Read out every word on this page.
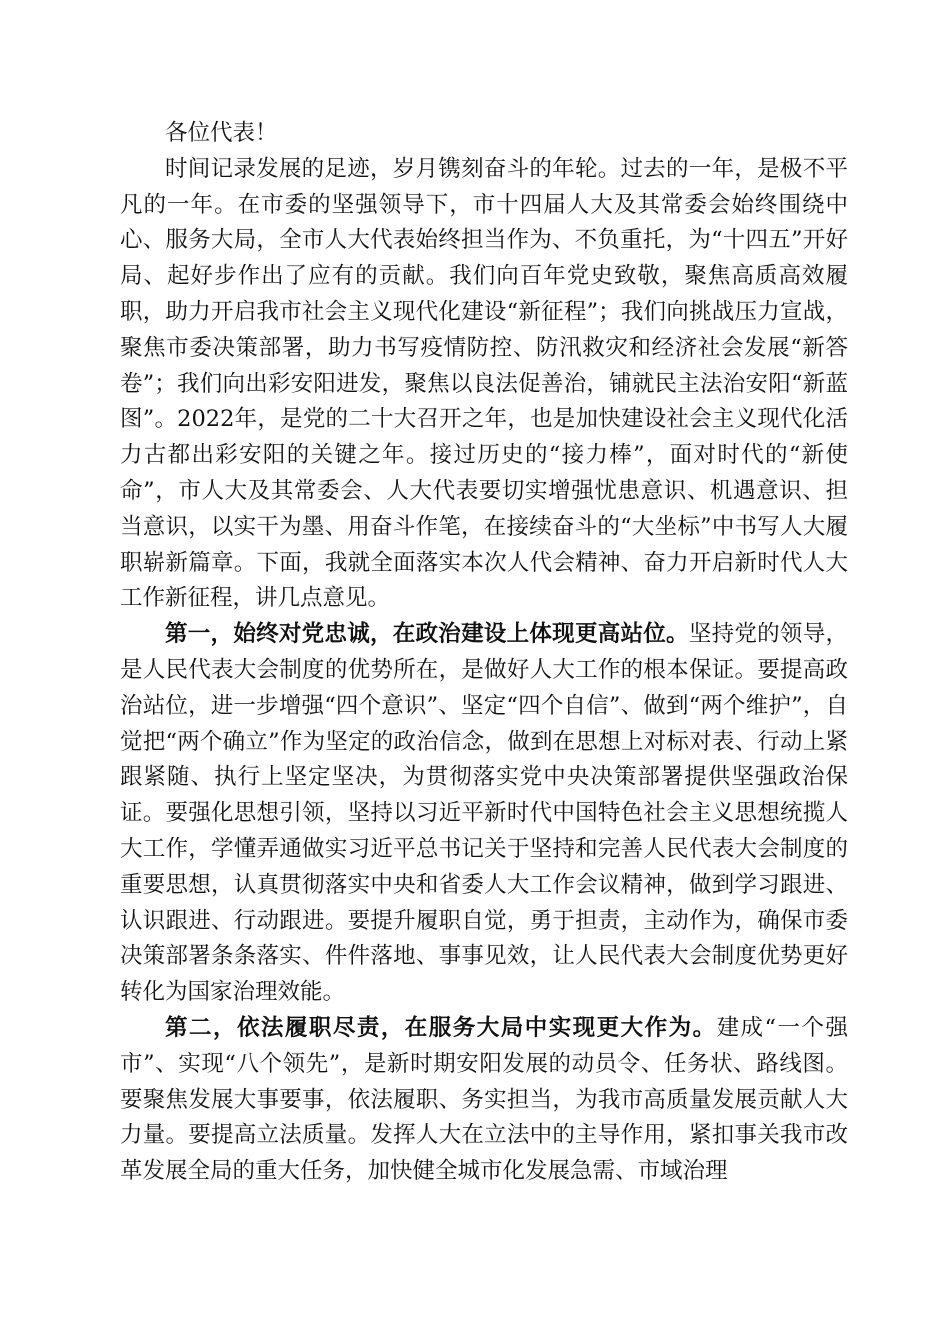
各位代表！

时间记录发展的足迹，岁月镌刻奋斗的年轮。过去的一年，是极不平凡的一年。在市委的坚强领导下，市十四届人大及其常委会始终围绕中心、服务大局，全市人大代表始终担当作为、不负重托，为“十四五”开好局、起好步作出了应有的贡献。我们向百年党史致敬，聚焦高质高效履职，助力开启我市社会主义现代化建设“新征程”；我们向挑战压力宣战，聚焦市委决策部署，助力书写疫情防控、防汛救灾和经济社会发展“新答卷”；我们向出彩安阳进发，聚焦以良法促善治，铺就民主法治安阳“新蓝图”。2022年，是党的二十大召开之年，也是加快建设社会主义现代化活力古都出彩安阳的关键之年。接过历史的“接力棒”，面对时代的“新使命”，市人大及其常委会、人大代表要切实增强忧患意识、机遇意识、担当意识，以实干为墨、用奋斗作笔，在接续奋斗的“大坐标”中书写人大履职崭新篇章。下面，我就全面落实本次人代会精神、奋力开启新时代人大工作新征程，讲几点意见。

第一，始终对党忠诚，在政治建设上体现更高站位。坚持党的领导，是人民代表大会制度的优势所在，是做好人大工作的根本保证。要提高政治站位，进一步增强“四个意识”、坚定“四个自信”、做到“两个维护”，自觉把“两个确立”作为坚定的政治信念，做到在思想上对标对表、行动上紧跟紧随、执行上坚定坚决，为贯彻落实党中央决策部署提供坚强政治保证。要强化思想引领，坚持以习近平新时代中国特色社会主义思想统揽人大工作，学懂弄通做实习近平总书记关于坚持和完善人民代表大会制度的重要思想，认真贯彻落实中央和省委人大工作会议精神，做到学习跟进、认识跟进、行动跟进。要提升履职自觉，勇于担责，主动作为，确保市委决策部署条条落实、件件落地、事事见效，让人民代表大会制度优势更好转化为国家治理效能。

第二，依法履职尽责，在服务大局中实现更大作为。建成“一个强市”、实现“八个领先”，是新时期安阳发展的动员令、任务状、路线图。要聚焦发展大事要事，依法履职、务实担当，为我市高质量发展贡献人大力量。要提高立法质量。发挥人大在立法中的主导作用，紧扣事关我市改革发展全局的重大任务，加快健全城市化发展急需、市域治理
